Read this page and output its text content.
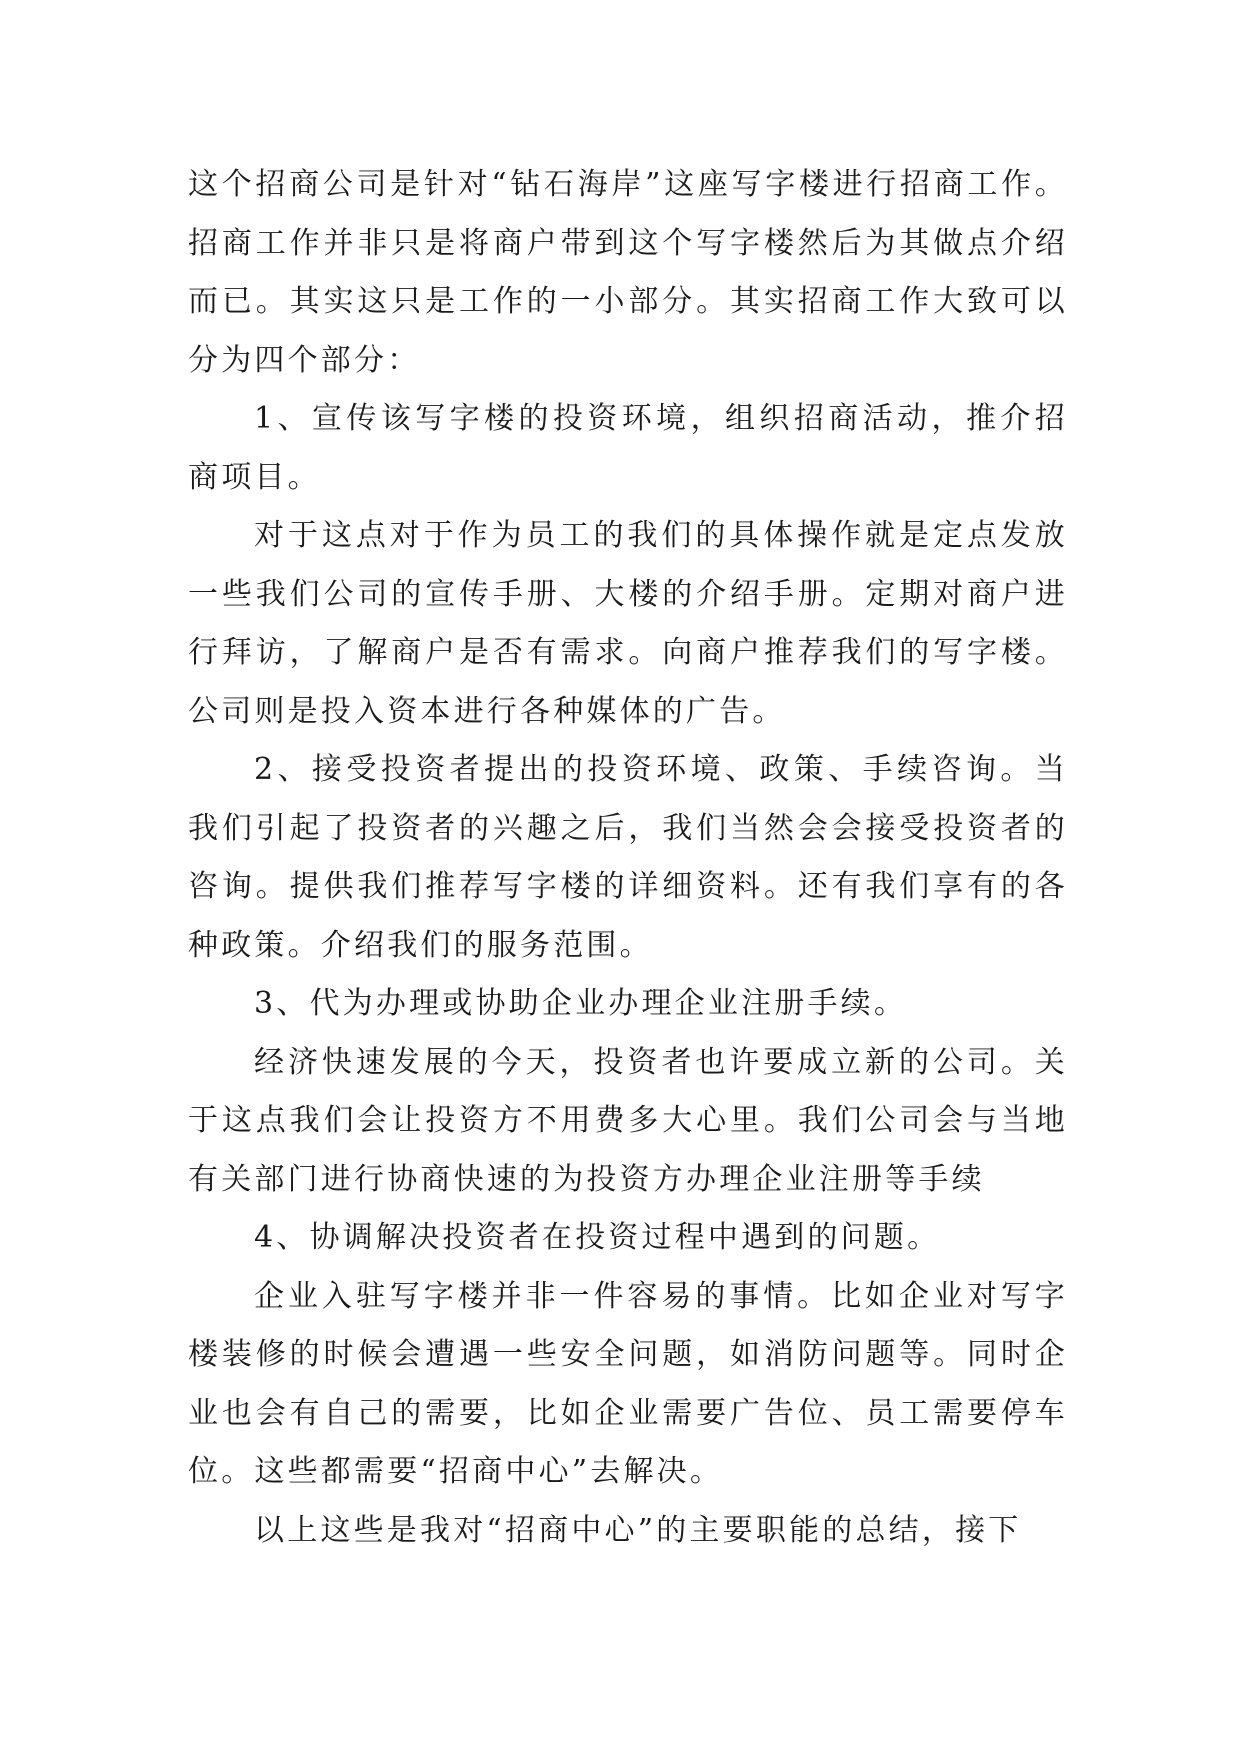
这个招商公司是针对“钻石海岸”这座写字楼进行招商工作。招商工作并非只是将商户带到这个写字楼然后为其做点介绍而已。其实这只是工作的一小部分。其实招商工作大致可以分为四个部分：

1、宣传该写字楼的投资环境，组织招商活动，推介招商项目。

对于这点对于作为员工的我们的具体操作就是定点发放一些我们公司的宣传手册、大楼的介绍手册。定期对商户进行拜访，了解商户是否有需求。向商户推荐我们的写字楼。公司则是投入资本进行各种媒体的广告。

2、接受投资者提出的投资环境、政策、手续咨询。当我们引起了投资者的兴趣之后，我们当然会会接受投资者的咨询。提供我们推荐写字楼的详细资料。还有我们享有的各种政策。介绍我们的服务范围。

3、代为办理或协助企业办理企业注册手续。

经济快速发展的今天，投资者也许要成立新的公司。关于这点我们会让投资方不用费多大心里。我们公司会与当地有关部门进行协商快速的为投资方办理企业注册等手续

4、协调解决投资者在投资过程中遇到的问题。

企业入驻写字楼并非一件容易的事情。比如企业对写字楼装修的时候会遭遇一些安全问题，如消防问题等。同时企业也会有自己的需要，比如企业需要广告位、员工需要停车位。这些都需要“招商中心”去解决。

以上这些是我对“招商中心”的主要职能的总结，接下
